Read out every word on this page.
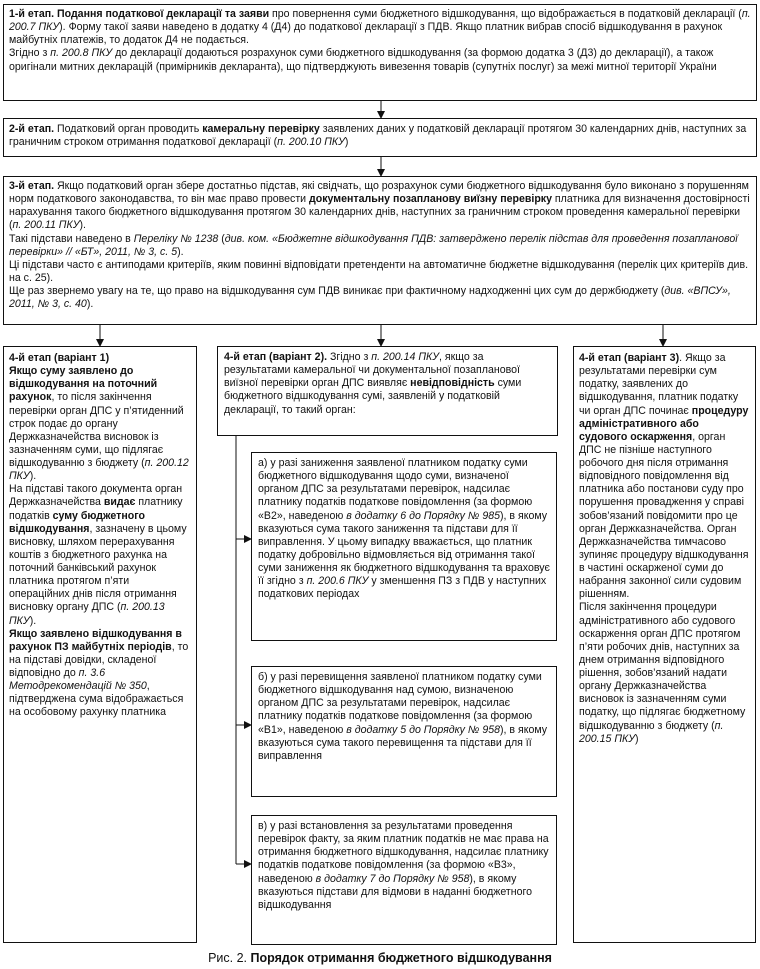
1-й етап. Подання податкової декларації та заяви про повернення суми бюджетного відшкодування, що відображається в податковій декларації (п. 200.7 ПКУ). Форму такої заяви наведено в додатку 4 (Д4) до податкової декларації з ПДВ. Якщо платник вибрав спосіб відшкодування в рахунок майбутніх платежів, то додаток Д4 не подається.

Згідно з п. 200.8 ПКУ до декларації додаються розрахунок суми бюджетного відшкодування (за формою додатка 3 (Д3) до декларації), а також оригінали митних декларацій (примірників декларанта), що підтверджують вивезення товарів (супутніх послуг) за межі митної території України

2-й етап. Податковий орган проводить камеральну перевірку заявлених даних у податковій декларації протягом 30 календарних днів, наступних за граничним строком отримання податкової декларації (п. 200.10 ПКУ)

3-й етап. Якщо податковий орган збере достатньо підстав, які свідчать, що розрахунок суми бюджетного відшкодування було виконано з порушенням норм податкового законодавства, то він має право провести документальну позапланову виїзну перевірку платника для визначення достовірності нарахування такого бюджетного відшкодування протягом 30 календарних днів, наступних за граничним строком проведення камеральної перевірки (п. 200.11 ПКУ).

Такі підстави наведено в Переліку № 1238 (див. ком. «Бюджетне відшкодування ПДВ: затверджено перелік підстав для проведення позапланової перевірки» // «БТ», 2011, № 3, с. 5).

Ці підстави часто є антиподами критеріїв, яким повинні відповідати претенденти на автоматичне бюджетне відшкодування (перелік цих критеріїв див. на с. 25).

Ще раз звернемо увагу на те, що право на відшкодування сум ПДВ виникає при фактичному надходженні цих сум до держбюджету (див. «ВПСУ», 2011, № 3, с. 40).

4-й етап (варіант 1)

Якщо суму заявлено до відшкодування на поточний рахунок, то після закінчення перевірки орган ДПС у п’ятиденний строк подає до органу Держказначейства висновок із зазначенням суми, що підлягає відшкодуванню з бюджету (п. 200.12 ПКУ).

На підставі такого документа орган Держказначейства видає платнику податків суму бюджетного відшкодування, зазначену в цьому висновку, шляхом перерахування коштів з бюджетного рахунка на поточний банківський рахунок платника протягом п’яти операційних днів після отримання висновку органу ДПС (п. 200.13 ПКУ).

Якщо заявлено відшкодування в рахунок ПЗ майбутніх періодів, то на підставі довідки, складеної відповідно до п. 3.6 Методрекомендацій № 350, підтверджена сума відображається на особовому рахунку платника

4-й етап (варіант 2). Згідно з п. 200.14 ПКУ, якщо за результатами камеральної чи документальної позапланової виїзної перевірки орган ДПС виявляє невідповідність суми бюджетного відшкодування сумі, заявленій у податковій декларації, то такий орган:

а) у разі заниження заявленої платником податку суми бюджетного відшкодування щодо суми, визначеної органом ДПС за результатами перевірок, надсилає платнику податків податкове повідомлення (за формою «В2», наведеною в додатку 6 до Порядку № 985), в якому вказуються сума такого заниження та підстави для її виправлення. У цьому випадку вважається, що платник податку добровільно відмовляється від отримання такої суми заниження як бюджетного відшкодування та враховує її згідно з п. 200.6 ПКУ у зменшення ПЗ з ПДВ у наступних податкових періодах

б) у разі перевищення заявленої платником податку суми бюджетного відшкодування над сумою, визначеною органом ДПС за результатами перевірок, надсилає платнику податків податкове повідомлення (за формою «В1», наведеною в додатку 5 до Порядку № 958), в якому вказуються сума такого перевищення та підстави для її виправлення

в) у разі встановлення за результатами проведення перевірок факту, за яким платник податків не має права на отримання бюджетного відшкодування, надсилає платнику податків податкове повідомлення (за формою «В3», наведеною в додатку 7 до Порядку № 958), в якому вказуються підстави для відмови в наданні бюджетного відшкодування

4-й етап (варіант 3). Якщо за результатами перевірки сум податку, заявлених до відшкодування, платник податку чи орган ДПС починає процедуру адміністративного або судового оскарження, орган ДПС не пізніше наступного робочого дня після отримання відповідного повідомлення від платника або постанови суду про порушення провадження у справі зобов’язаний повідомити про це орган Держказначейства. Орган Держказначейства тимчасово зупиняє процедуру відшкодування в частині оскарженої суми до набрання законної сили судовим рішенням.

Після закінчення процедури адміністративного або судового оскарження орган ДПС протягом п’яти робочих днів, наступних за днем отримання відповідного рішення, зобов’язаний надати органу Держказначейства висновок із зазначенням суми податку, що підлягає бюджетному відшкодуванню з бюджету (п. 200.15 ПКУ)

Рис. 2. Порядок отримання бюджетного відшкодування
